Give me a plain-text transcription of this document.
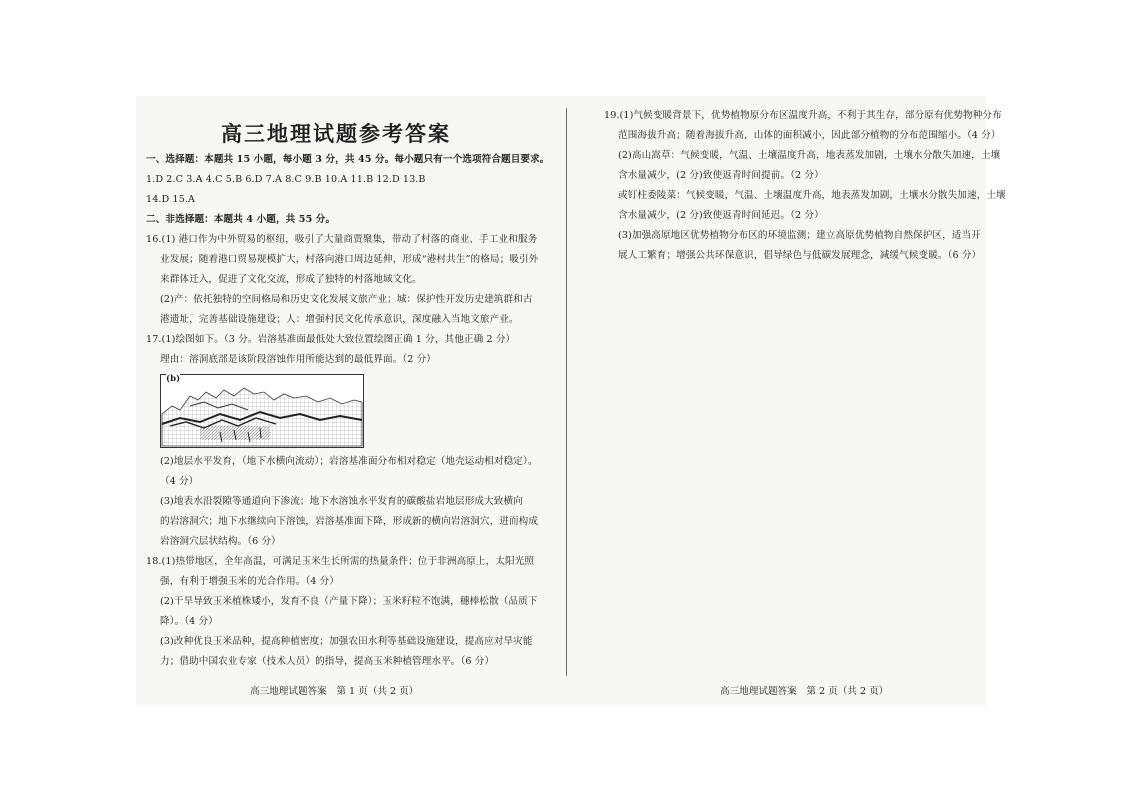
高三地理试题参考答案
一、选择题：本题共 15 小题，每小题 3 分，共 45 分。每小题只有一个选项符合题目要求。
1.D 2.C 3.A 4.C 5.B 6.D 7.A 8.C 9.B 10.A 11.B 12.D 13.B
14.D 15.A
二、非选择题：本题共 4 小题，共 55 分。
16.(1) 港口作为中外贸易的枢纽，吸引了大量商贾聚集，带动了村落的商业、手工业和服务
业发展；随着港口贸易规模扩大，村落向港口周边延伸，形成“港村共生”的格局；吸引外
来群体迁入，促进了文化交流，形成了独特的村落地域文化。
(2)产：依托独特的空间格局和历史文化发展文旅产业；城：保护性开发历史建筑群和古
港遗址，完善基础设施建设；人：增强村民文化传承意识，深度融入当地文旅产业。
17.(1)绘图如下。（3 分。岩溶基准面最低处大致位置绘图正确 1 分，其他正确 2 分）
理由：溶洞底部是该阶段溶蚀作用所能达到的最低界面。（2 分）
(b)
(2)地层水平发育，（地下水横向流动）；岩溶基准面分布相对稳定（地壳运动相对稳定）。
（4 分）
(3)地表水沿裂隙等通道向下渗流；地下水溶蚀水平发育的碳酸盐岩地层形成大致横向
的岩溶洞穴；地下水继续向下溶蚀，岩溶基准面下降，形成新的横向岩溶洞穴，进而构成
岩溶洞穴层状结构。（6 分）
18.(1)热带地区，全年高温，可满足玉米生长所需的热量条件；位于非洲高原上，太阳光照
强，有利于增强玉米的光合作用。（4 分）
(2)干旱导致玉米植株矮小，发育不良（产量下降）；玉米籽粒不饱满，穗棒松散（品质下
降）。（4 分）
(3)改种优良玉米品种，提高种植密度；加强农田水利等基础设施建设，提高应对旱灾能
力；借助中国农业专家（技术人员）的指导，提高玉米种植管理水平。（6 分）
19.(1)气候变暖背景下，优势植物原分布区温度升高，不利于其生存，部分原有优势物种分布
范围海拔升高；随着海拔升高，山体的面积减小，因此部分植物的分布范围缩小。（4 分）
(2)高山嵩草：气候变暖，气温、土壤温度升高，地表蒸发加剧，土壤水分散失加速，土壤
含水量减少，(2 分)致使返青时间提前。（2 分）
或钉柱委陵菜：气候变暖，气温、土壤温度升高，地表蒸发加剧，土壤水分散失加速，土壤
含水量减少，(2 分)致使返青时间延迟。（2 分）
(3)加强高原地区优势植物分布区的环境监测；建立高原优势植物自然保护区，适当开
展人工繁育；增强公共环保意识，倡导绿色与低碳发展理念，减缓气候变暖。（6 分）
高三地理试题答案　第 1 页（共 2 页）	高三地理试题答案　第 2 页（共 2 页）
